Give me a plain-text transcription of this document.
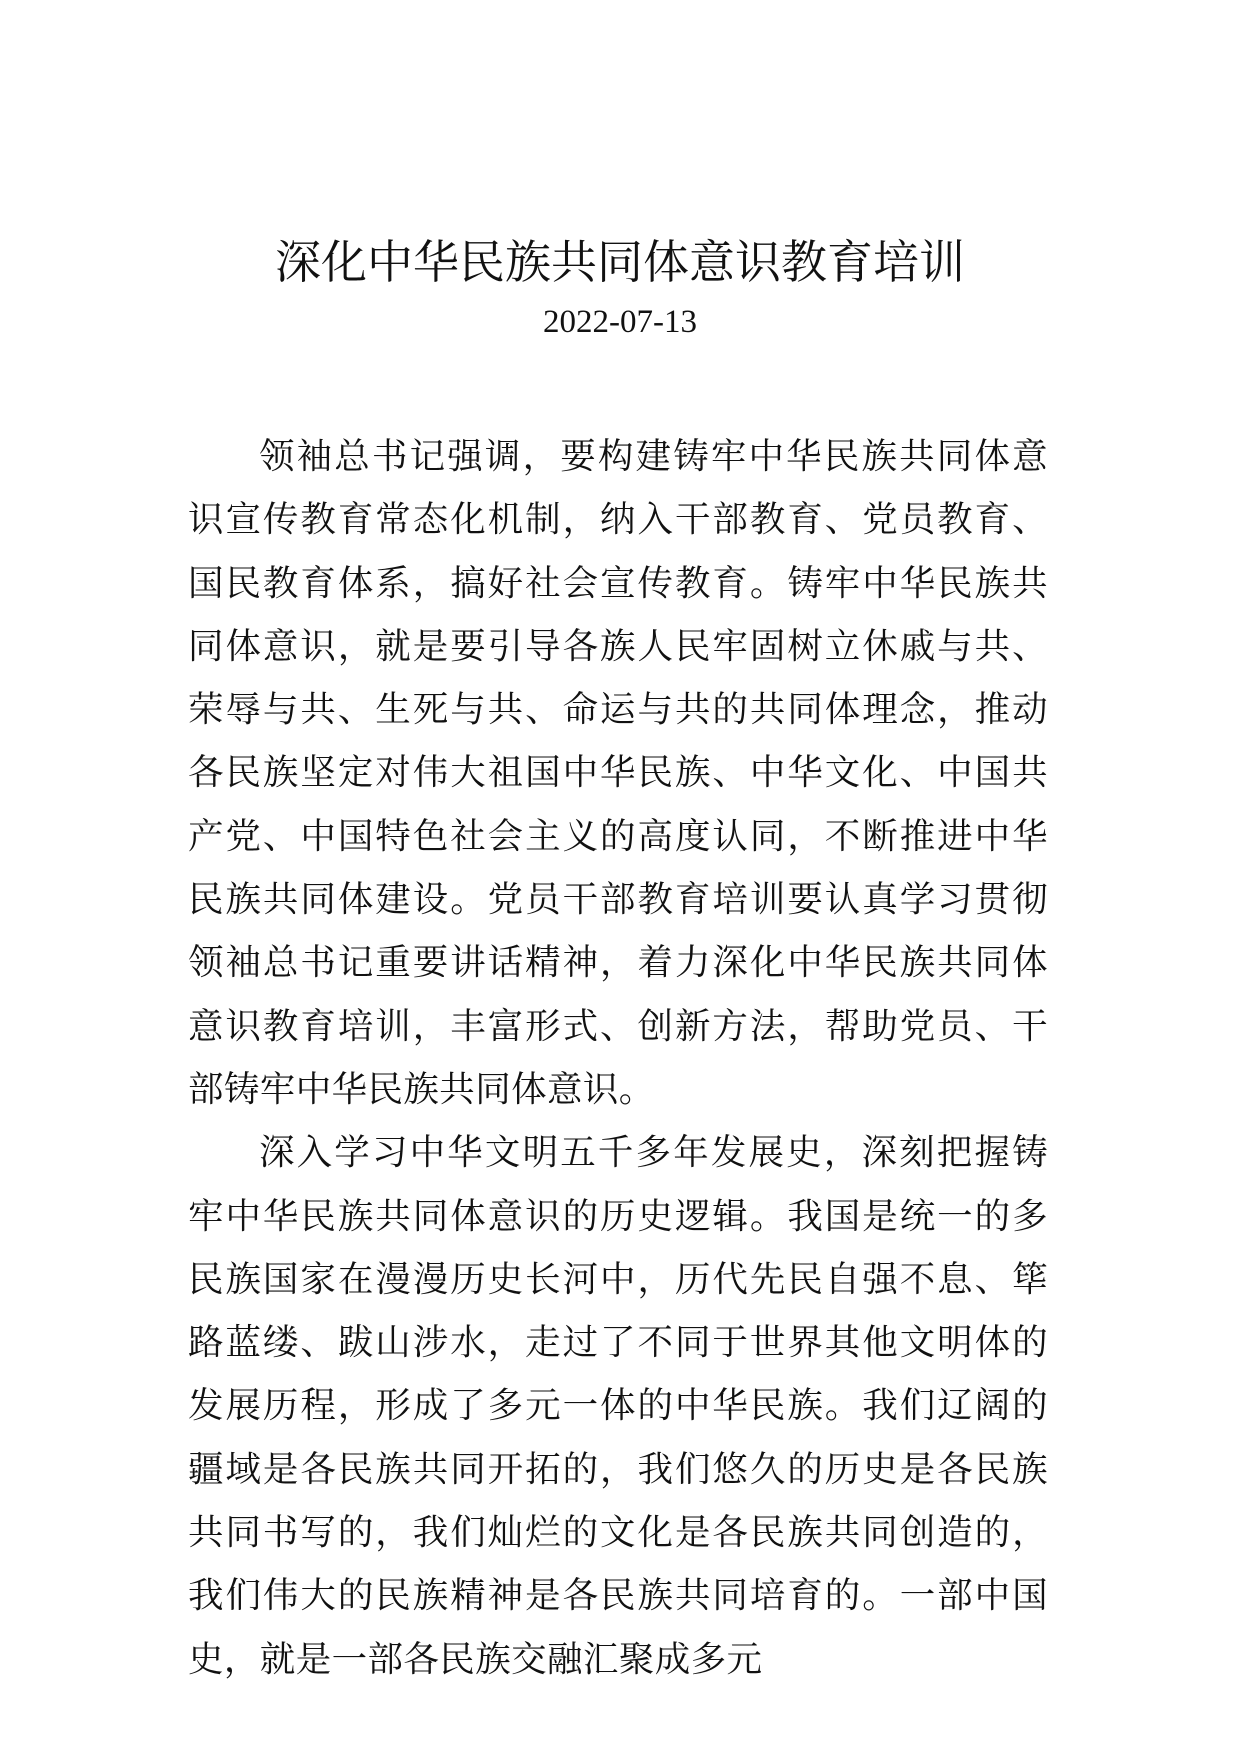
深化中华民族共同体意识教育培训
2022-07-13

领袖总书记强调，要构建铸牢中华民族共同体意识宣传教育常态化机制，纳入干部教育、党员教育、国民教育体系，搞好社会宣传教育。铸牢中华民族共同体意识，就是要引导各族人民牢固树立休戚与共、荣辱与共、生死与共、命运与共的共同体理念，推动各民族坚定对伟大祖国中华民族、中华文化、中国共产党、中国特色社会主义的高度认同，不断推进中华民族共同体建设。党员干部教育培训要认真学习贯彻领袖总书记重要讲话精神，着力深化中华民族共同体意识教育培训，丰富形式、创新方法，帮助党员、干部铸牢中华民族共同体意识。

深入学习中华文明五千多年发展史，深刻把握铸牢中华民族共同体意识的历史逻辑。我国是统一的多民族国家在漫漫历史长河中，历代先民自强不息、筚路蓝缕、跋山涉水，走过了不同于世界其他文明体的发展历程，形成了多元一体的中华民族。我们辽阔的疆域是各民族共同开拓的，我们悠久的历史是各民族共同书写的，我们灿烂的文化是各民族共同创造的，我们伟大的民族精神是各民族共同培育的。一部中国史，就是一部各民族交融汇聚成多元
